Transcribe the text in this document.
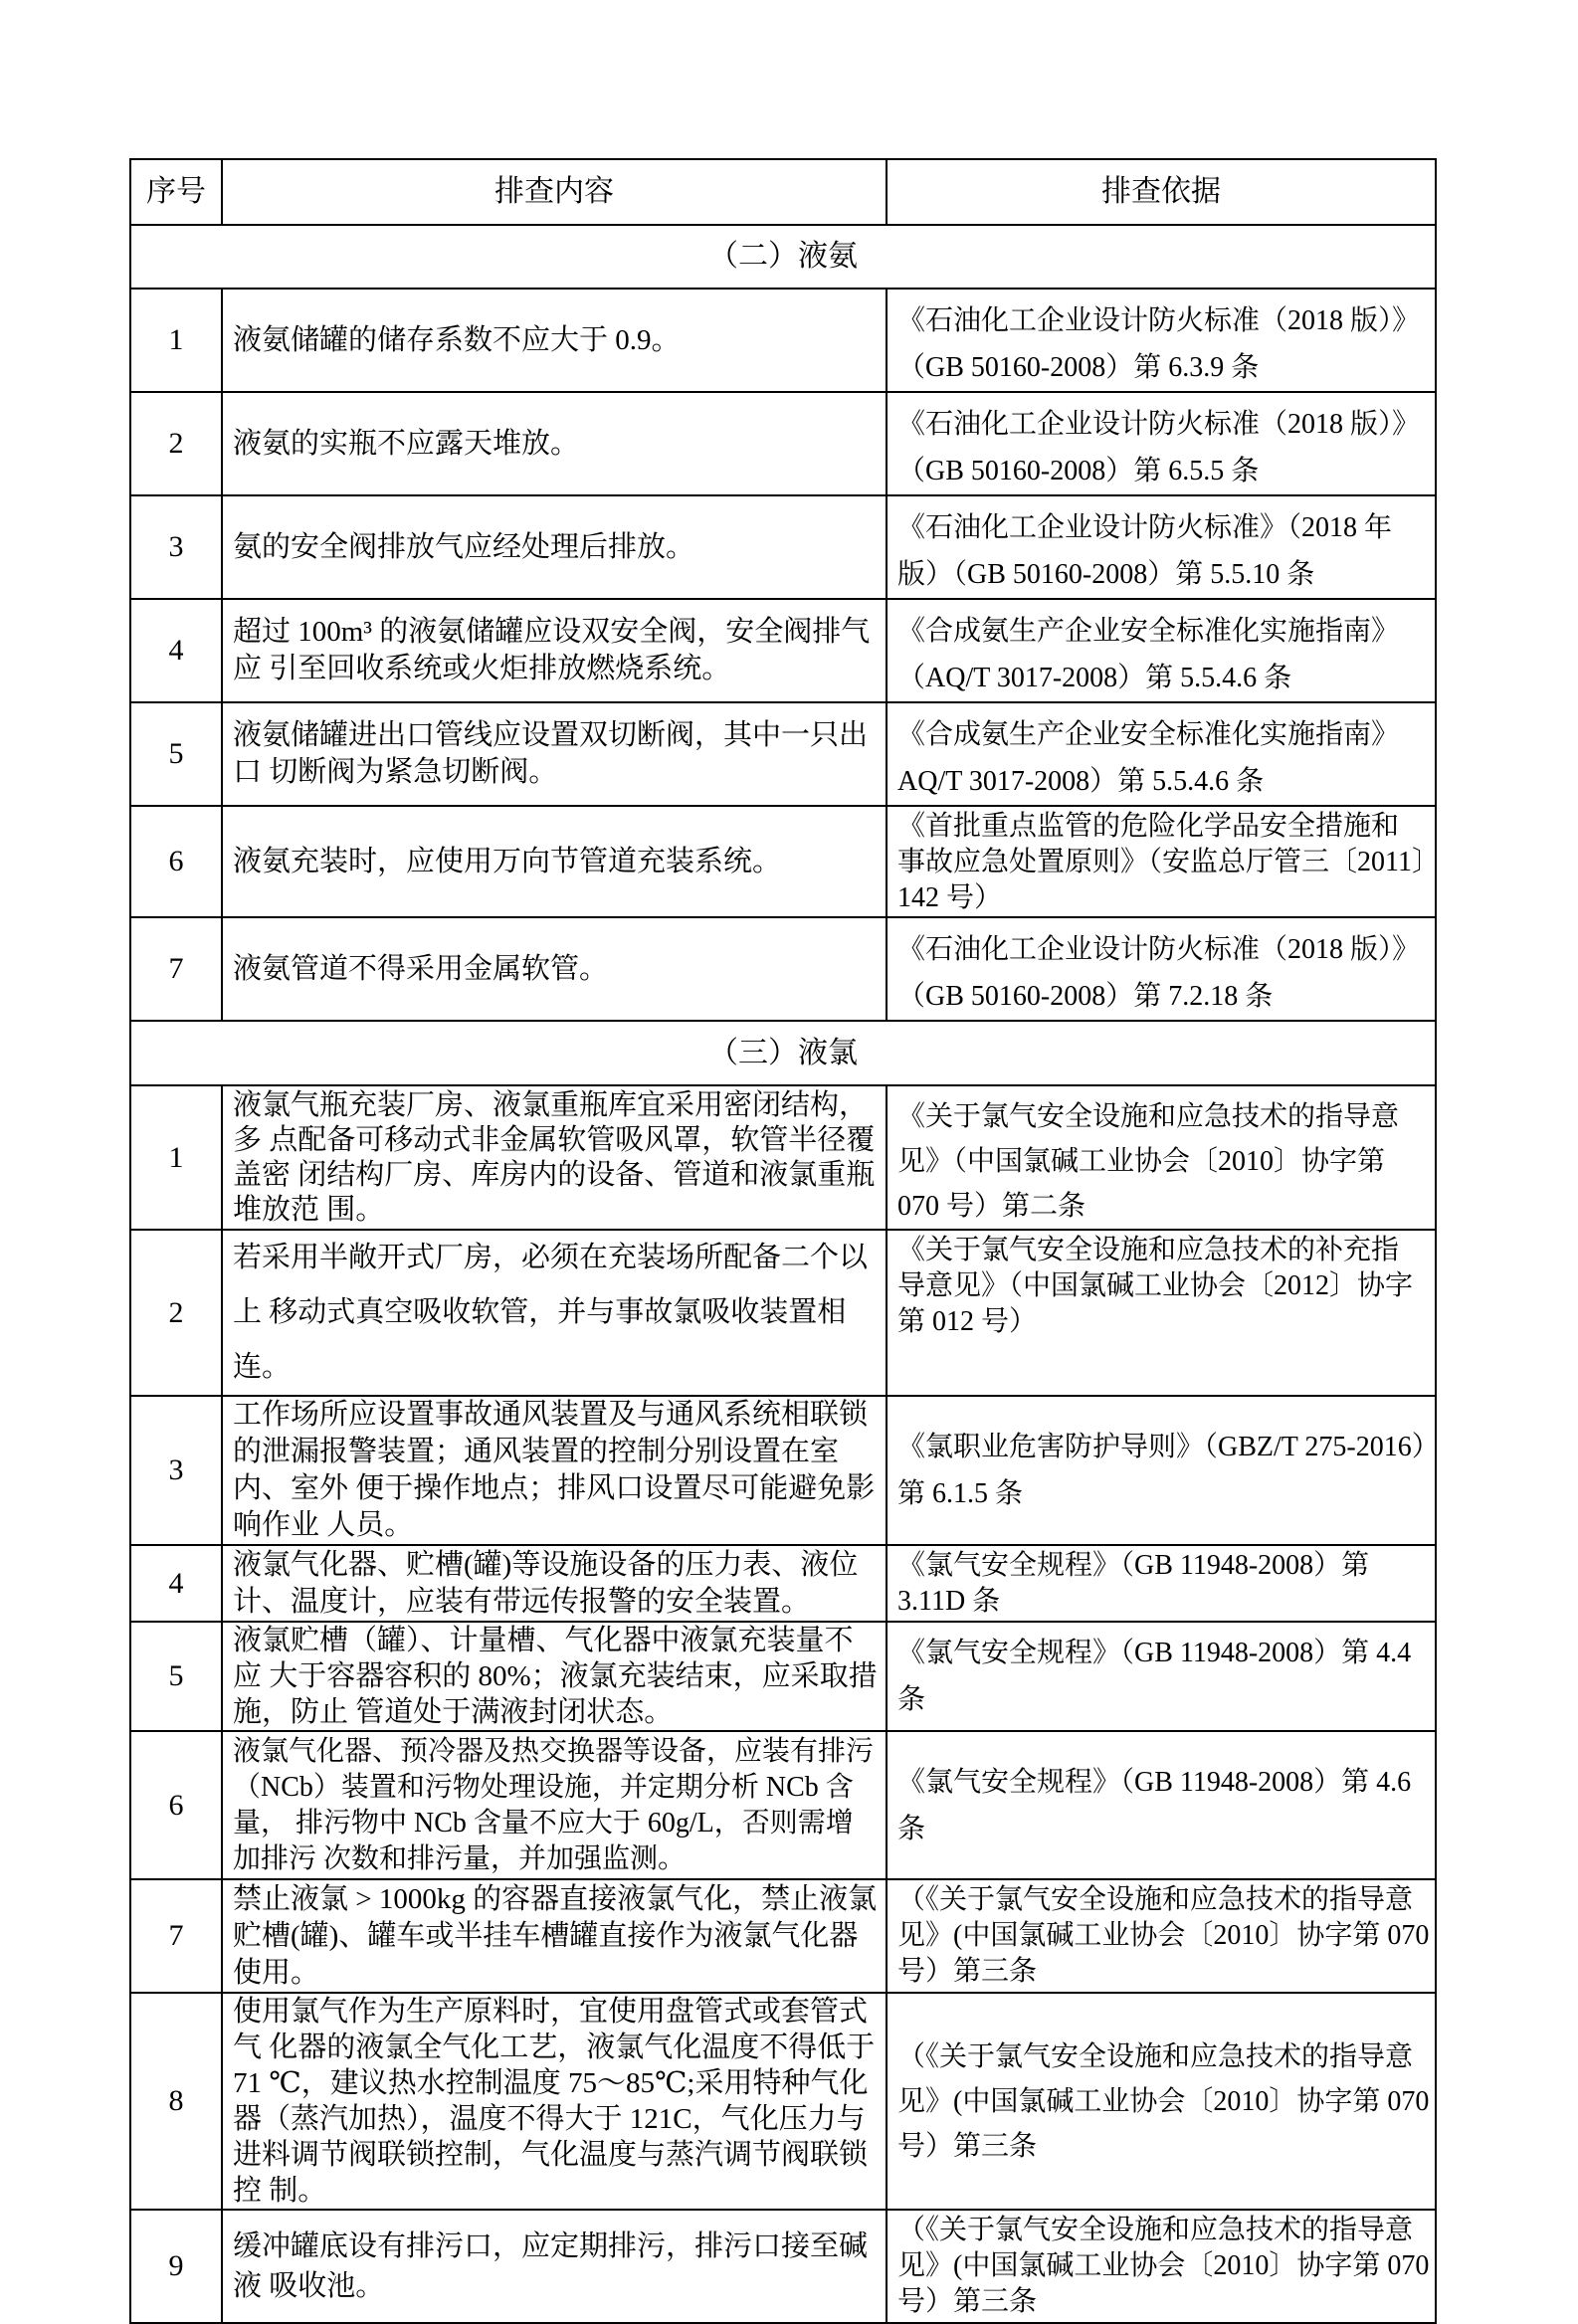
序号	排查内容	排查依据

（二）液氨		

1	液氨储罐的储存系数不应大于 0.9。	《石油化工企业设计防火标准（2018 版）》（GB 50160-2008）第 6.3.9 条

2	液氨的实瓶不应露天堆放。	《石油化工企业设计防火标准（2018 版）》（GB 50160-2008）第 6.5.5 条

3	氨的安全阀排放气应经处理后排放。	《石油化工企业设计防火标准》（2018 年版）（GB 50160-2008）第 5.5.10 条

4	超过 100m³ 的液氨储罐应设双安全阀，安全阀排气应 引至回收系统或火炬排放燃烧系统。	《合成氨生产企业安全标准化实施指南》（AQ/T 3017-2008）第 5.5.4.6 条

5	液氨储罐进出口管线应设置双切断阀，其中一只出口 切断阀为紧急切断阀。	《合成氨生产企业安全标准化实施指南》AQ/T 3017-2008）第 5.5.4.6 条

6	液氨充装时，应使用万向节管道充装系统。	《首批重点监管的危险化学品安全措施和 事故应急处置原则》（安监总厅管三〔2011〕142 号）

7	液氨管道不得采用金属软管。	《石油化工企业设计防火标准（2018 版）》（GB 50160-2008）第 7.2.18 条

（三）液氯		

1	液氯气瓶充装厂房、液氯重瓶库宜采用密闭结构，多 点配备可移动式非金属软管吸风罩，软管半径覆盖密 闭结构厂房、库房内的设备、管道和液氯重瓶堆放范 围。	《关于氯气安全设施和应急技术的指导意 见》（中国氯碱工业协会〔2010〕协字第 070 号）第二条

2	若采用半敞开式厂房，必须在充装场所配备二个以上 移动式真空吸收软管，并与事故氯吸收装置相连。	《关于氯气安全设施和应急技术的补充指 导意见》（中国氯碱工业协会〔2012〕协字 第 012 号）

3	工作场所应设置事故通风装置及与通风系统相联锁 的泄漏报警装置；通风装置的控制分别设置在室内、室外 便于操作地点；排风口设置尽可能避免影响作业 人员。	《氯职业危害防护导则》（GBZ/T 275-2016）第 6.1.5 条

4	液氯气化器、贮槽(罐)等设施设备的压力表、液位 计、温度计，应装有带远传报警的安全装置。	《氯气安全规程》（GB 11948-2008）第 3.11D 条

5	液氯贮槽（罐）、计量槽、气化器中液氯充装量不应 大于容器容积的 80%；液氯充装结束，应采取措施，防止 管道处于满液封闭状态。	《氯气安全规程》（GB 11948-2008）第 4.4 条

6	液氯气化器、预冷器及热交换器等设备，应装有排污 （NCb）装置和污物处理设施，并定期分析 NCb 含量， 排污物中 NCb 含量不应大于 60g/L，否则需增加排污 次数和排污量，并加强监测。	《氯气安全规程》（GB 11948-2008）第 4.6 条

7	禁止液氯 > 1000kg 的容器直接液氯气化，禁止液氯 贮槽(罐)、罐车或半挂车槽罐直接作为液氯气化器 使用。	（《关于氯气安全设施和应急技术的指导意 见》(中国氯碱工业协会〔2010〕协字第 070 号）第三条

8	使用氯气作为生产原料时，宜使用盘管式或套管式气 化器的液氯全气化工艺，液氯气化温度不得低于 71 ℃，建议热水控制温度 75～85℃;采用特种气化 器（蒸汽加热），温度不得大于 121C，气化压力与 进料调节阀联锁控制，气化温度与蒸汽调节阀联锁控 制。	（《关于氯气安全设施和应急技术的指导意 见》(中国氯碱工业协会〔2010〕协字第 070 号）第三条

9	缓冲罐底设有排污口，应定期排污，排污口接至碱液 吸收池。	（《关于氯气安全设施和应急技术的指导意 见》(中国氯碱工业协会〔2010〕协字第 070 号）第三条
